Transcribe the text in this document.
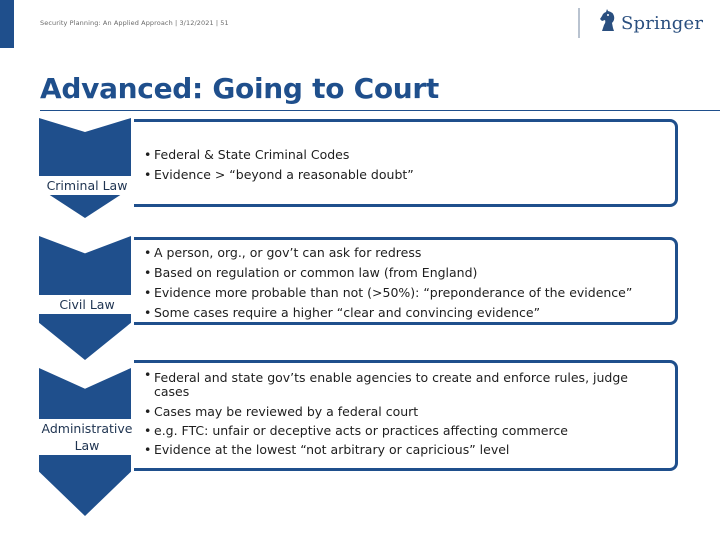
Security Planning: An Applied Approach | 3/12/2021 | 51	Springer
Advanced: Going to Court
Criminal Law
• Federal & State Criminal Codes
• Evidence > “beyond a reasonable doubt”
Civil Law
• A person, org., or gov’t can ask for redress
• Based on regulation or common law (from England)
• Evidence more probable than not (>50%): “preponderance of the evidence”
• Some cases require a higher “clear and convincing evidence”
Administrative Law
• Federal and state gov’ts enable agencies to create and enforce rules, judge cases
• Cases may be reviewed by a federal court
• e.g. FTC: unfair or deceptive acts or practices affecting commerce
• Evidence at the lowest “not arbitrary or capricious” level
